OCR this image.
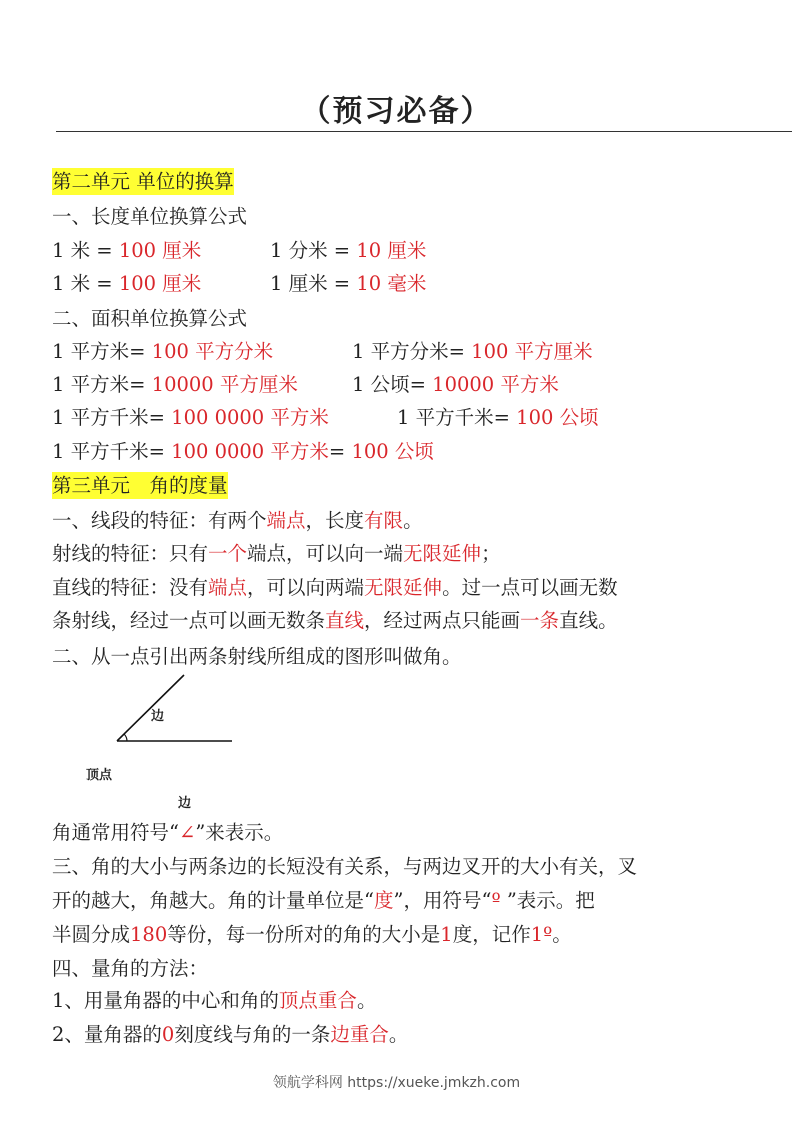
（预习必备）
第二单元 单位的换算
一、长度单位换算公式
1 米 = 100 厘米	1 分米 = 10 厘米
1 米 = 100 厘米	1 厘米 = 10 毫米
二、面积单位换算公式
1 平方米= 100 平方分米	1 平方分米= 100 平方厘米
1 平方米= 10000 平方厘米	1 公顷= 10000 平方米
1 平方千米= 100 0000 平方米	1 平方千米= 100 公顷
1 平方千米= 100 0000 平方米= 100 公顷
第三单元　角的度量
一、线段的特征：有两个端点，长度有限。
射线的特征：只有一个端点，可以向一端无限延伸；
直线的特征：没有端点，可以向两端无限延伸。过一点可以画无数
条射线，经过一点可以画无数条直线，经过两点只能画一条直线。
二、从一点引出两条射线所组成的图形叫做角。
边
顶点
边
角通常用符号“∠”来表示。
三、角的大小与两条边的长短没有关系，与两边叉开的大小有关，叉
开的越大，角越大。角的计量单位是“度”，用符号“º ”表示。把
半圆分成180等份，每一份所对的角的大小是1度，记作1º。
四、量角的方法：
1、用量角器的中心和角的顶点重合。
2、量角器的0刻度线与角的一条边重合。
领航学科网 https://xueke.jmkzh.com
